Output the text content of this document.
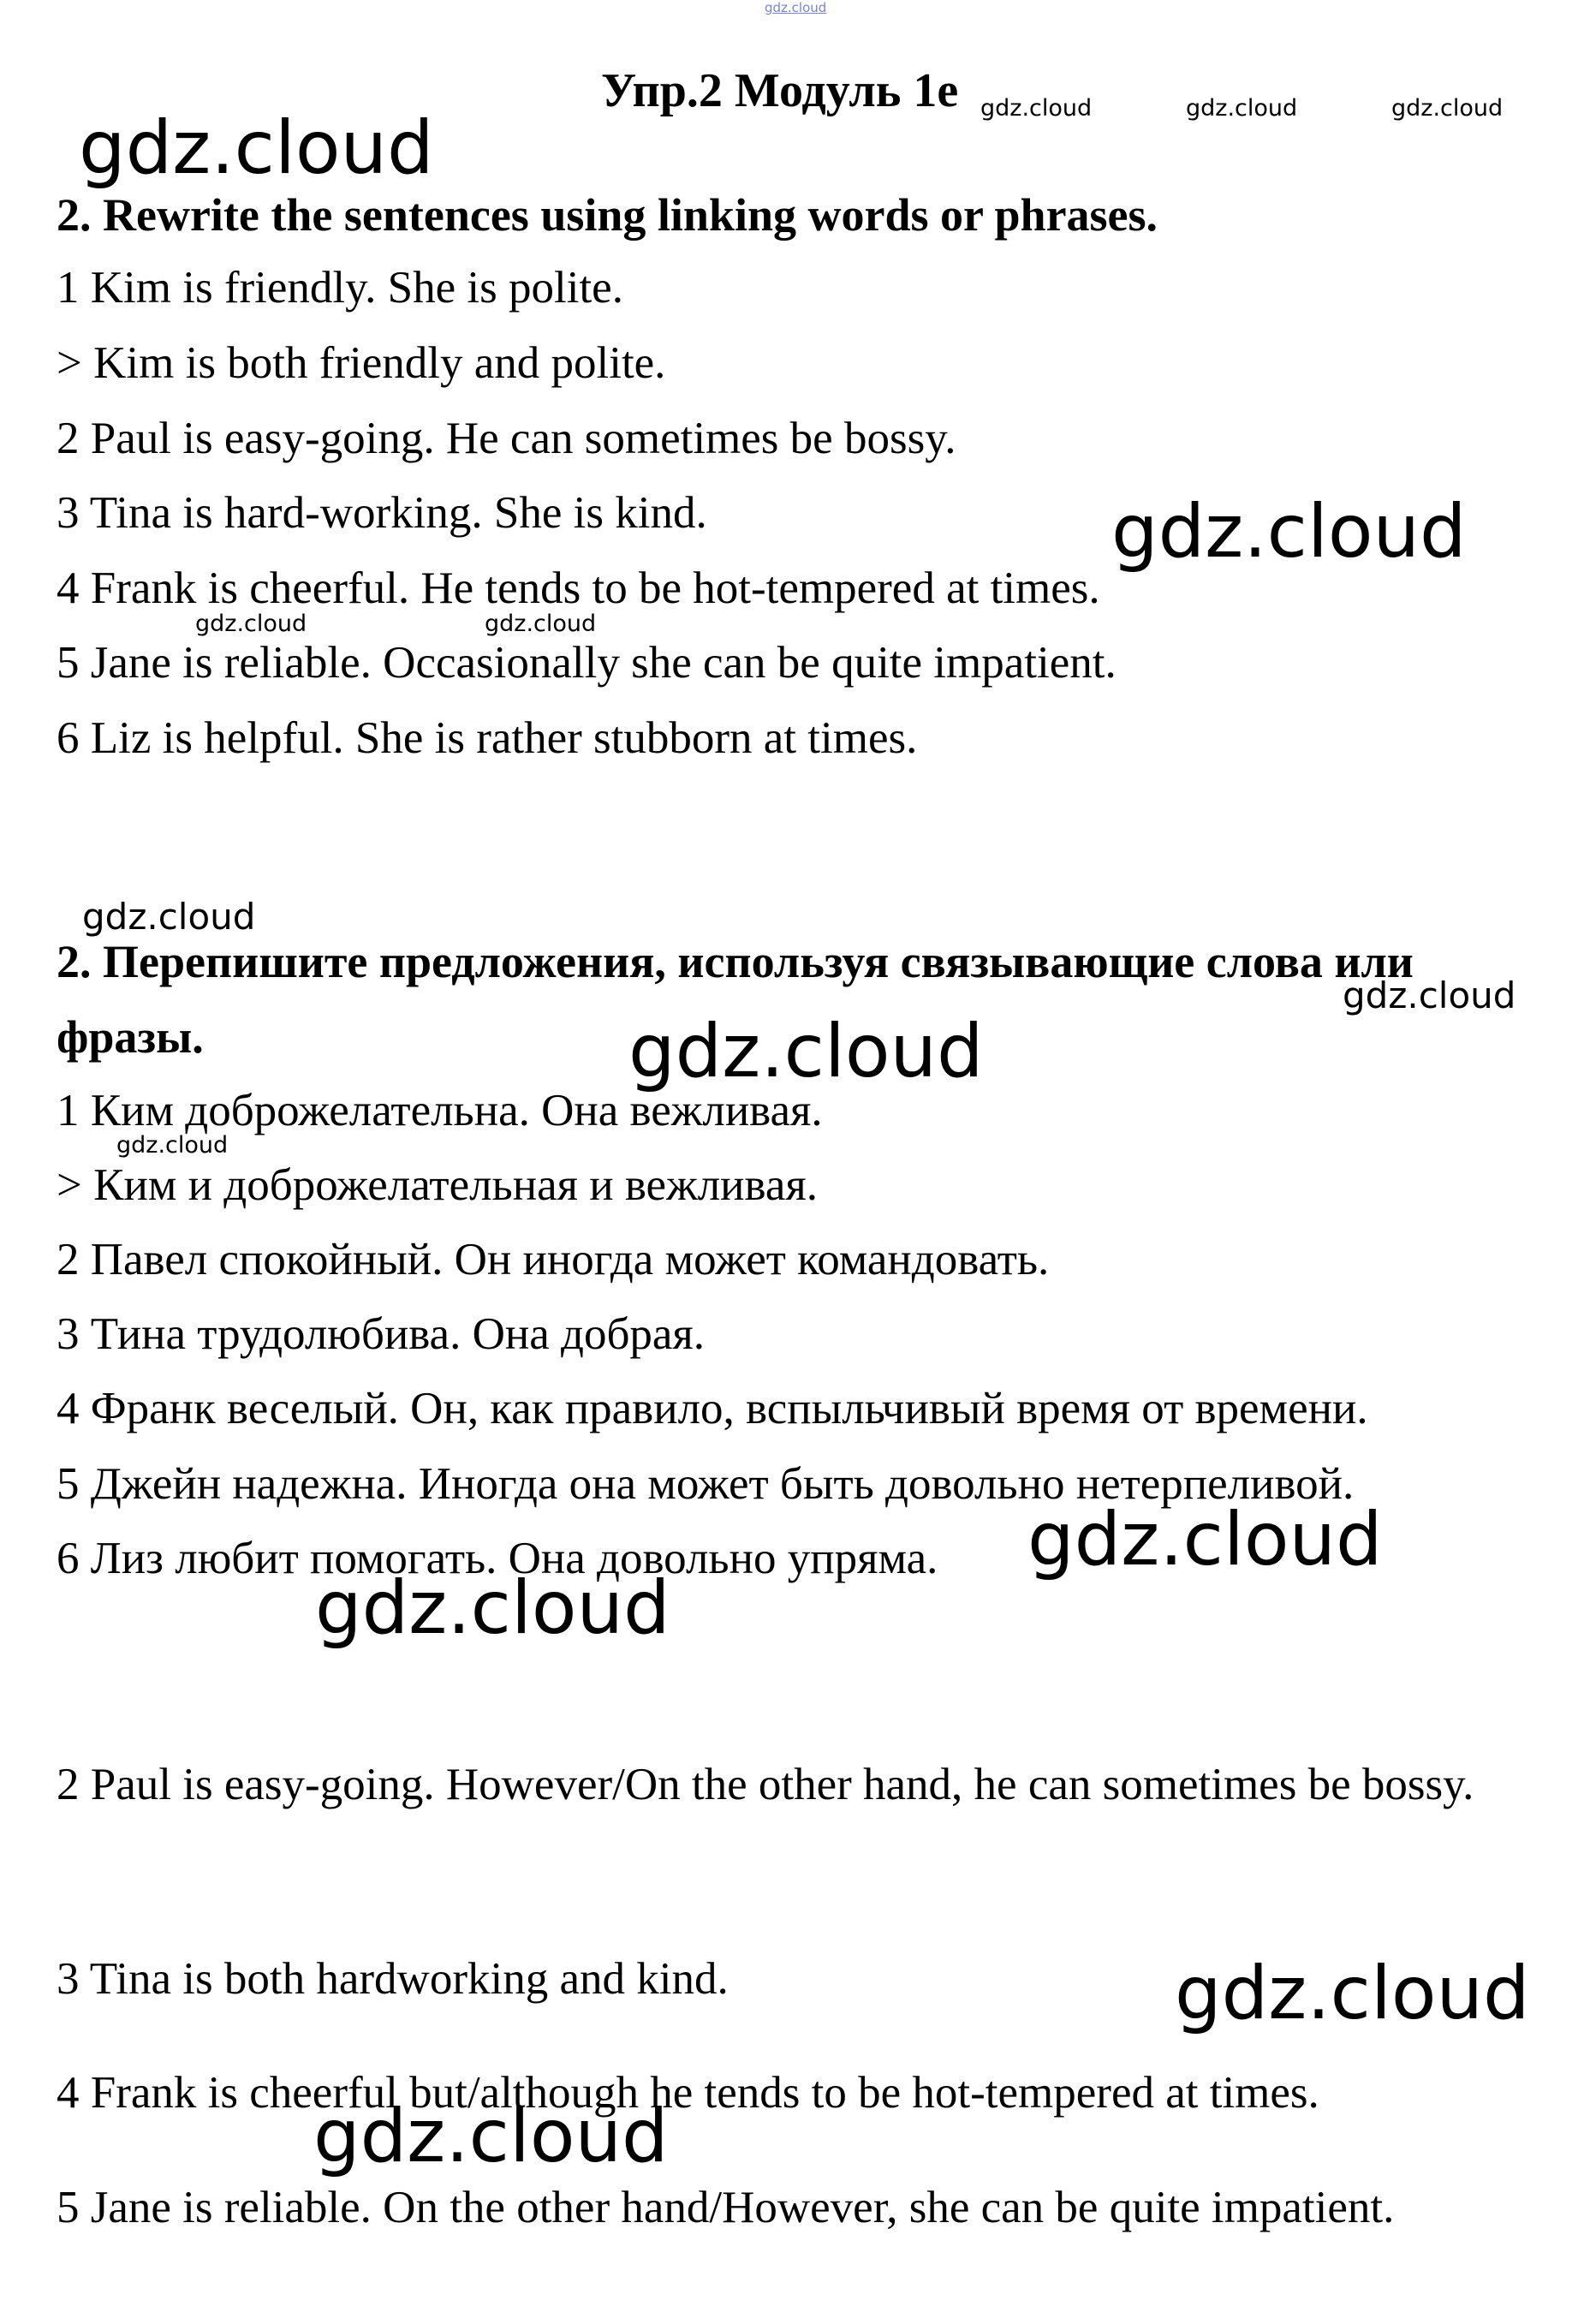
gdz.cloud
Упр.2 Модуль 1е gdz.cloud	gdz.cloud	gdz.cloud
gdz.cloud
2. Rewrite the sentences using linking words or phrases.
1 Kim is friendly. She is polite.
> Kim is both friendly and polite.
2 Paul is easy-going. He can sometimes be bossy.
3 Tina is hard-working. She is kind.
4 Frank is cheerful. He tends to be hot-tempered at times.
5 Jane is reliable. Occasionally she can be quite impatient.
6 Liz is helpful. She is rather stubborn at times.
gdz.cloud
gdz.cloud	gdz.cloud
gdz.cloud
2. Перепишите предложения, используя связывающие слова или
gdz.cloud
фразы.	gdz.cloud
1 Ким доброжелательна. Она вежливая.
gdz.cloud
> Ким и доброжелательная и вежливая.
2 Павел спокойный. Он иногда может командовать.
3 Тина трудолюбива. Она добрая.
4 Франк веселый. Он, как правило, вспыльчивый время от времени.
5 Джейн надежна. Иногда она может быть довольно нетерпеливой.
6 Лиз любит помогать. Она довольно упряма. gdz.cloud
gdz.cloud
2 Paul is easy-going. However/On the other hand, he can sometimes be bossy.
3 Tina is both hardworking and kind.	gdz.cloud
4 Frank is cheerful but/although he tends to be hot-tempered at times.
gdz.cloud
5 Jane is reliable. On the other hand/However, she can be quite impatient.
